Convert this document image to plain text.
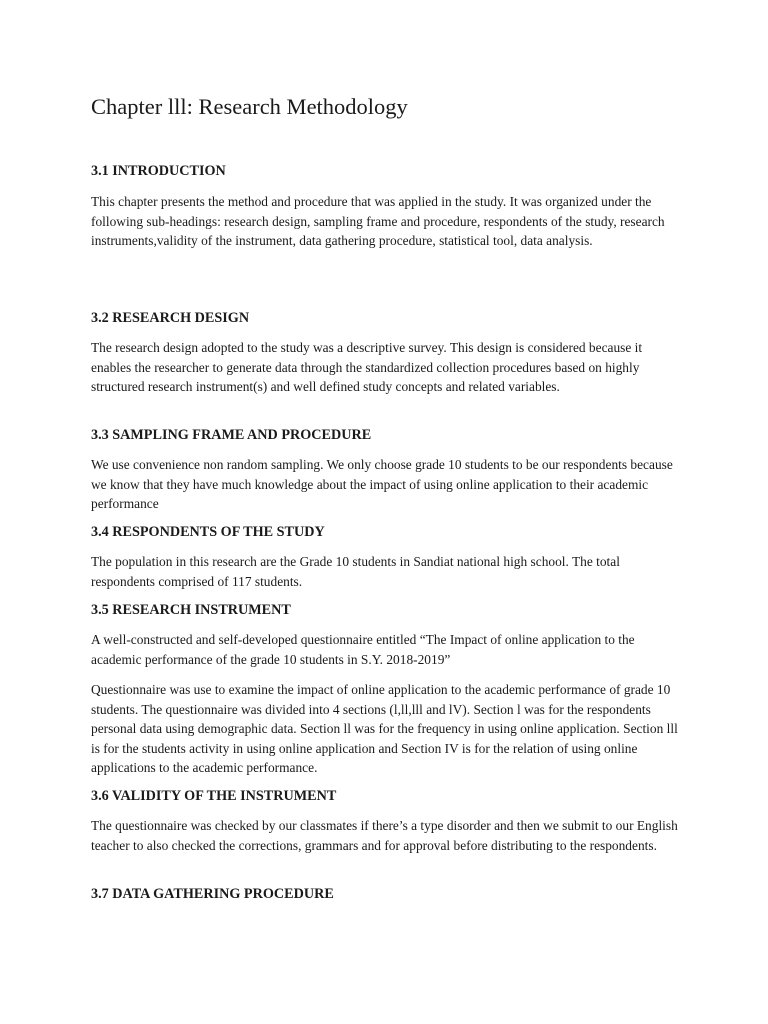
Chapter lll: Research Methodology
3.1 INTRODUCTION

This chapter presents the method and procedure that was applied in the study. It was organized under the following sub-headings: research design, sampling frame and procedure, respondents of the study, research instruments,validity of the instrument, data gathering procedure, statistical tool, data analysis.

3.2 RESEARCH DESIGN

The research design adopted to the study was a descriptive survey. This design is considered because it enables the researcher to generate data through the standardized collection procedures based on highly structured research instrument(s) and well defined study concepts and related variables.

3.3 SAMPLING FRAME AND PROCEDURE

We use convenience non random sampling. We only choose grade 10 students to be our respondents because we know that they have much knowledge about the impact of using online application to their academic performance

3.4 RESPONDENTS OF THE STUDY

The population in this research are the Grade 10 students in Sandiat national high school. The total respondents comprised of 117 students.

3.5 RESEARCH INSTRUMENT

A well-constructed and self-developed questionnaire entitled “The Impact of online application to the academic performance of the grade 10 students in S.Y. 2018-2019”

Questionnaire was use to examine the impact of online application to the academic performance of grade 10 students. The questionnaire was divided into 4 sections (l,ll,lll and lV). Section l was for the respondents personal data using demographic data. Section ll was for the frequency in using online application. Section lll is for the students activity in using online application and Section IV is for the relation of using online applications to the academic performance.

3.6 VALIDITY OF THE INSTRUMENT

The questionnaire was checked by our classmates if there’s a type disorder and then we submit to our English teacher to also checked the corrections, grammars and for approval before distributing to the respondents.

3.7 DATA GATHERING PROCEDURE
